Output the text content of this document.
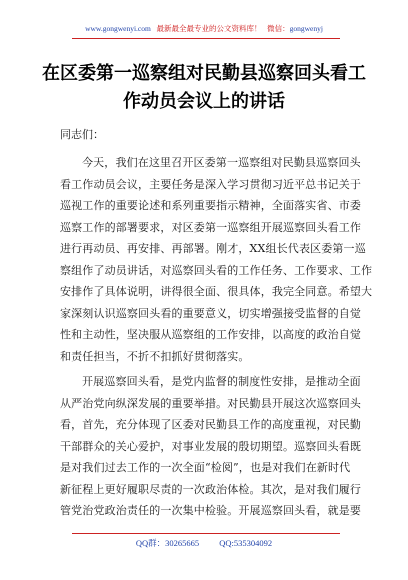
www.gongwenyi.com 最新最全最专业的公文资料库！ 微信：gongwenyj
在区委第一巡察组对民勤县巡察回头看工
作动员会议上的讲话
同志们：
今天，我们在这里召开区委第一巡察组对民勤县巡察回头
看工作动员会议，主要任务是深入学习贯彻习近平总书记关于
巡视工作的重要论述和系列重要指示精神，全面落实省、市委
巡察工作的部署要求，对区委第一巡察组开展巡察回头看工作
进行再动员、再安排、再部署。刚才，XX组长代表区委第一巡
察组作了动员讲话，对巡察回头看的工作任务、工作要求、工作
安排作了具体说明，讲得很全面、很具体，我完全同意。希望大
家深刻认识巡察回头看的重要意义，切实增强接受监督的自觉
性和主动性，坚决服从巡察组的工作安排，以高度的政治自觉
和责任担当，不折不扣抓好贯彻落实。
开展巡察回头看，是党内监督的制度性安排，是推动全面
从严治党向纵深发展的重要举措。对民勤县开展这次巡察回头
看，首先，充分体现了区委对民勤县工作的高度重视，对民勤
干部群众的关心爱护，对事业发展的殷切期望。巡察回头看既
是对我们过去工作的一次全面“检阅”，也是对我们在新时代
新征程上更好履职尽责的一次政治体检。其次，是对我们履行
管党治党政治责任的一次集中检验。开展巡察回头看，就是要
QQ群：30265665 QQ:535304092
